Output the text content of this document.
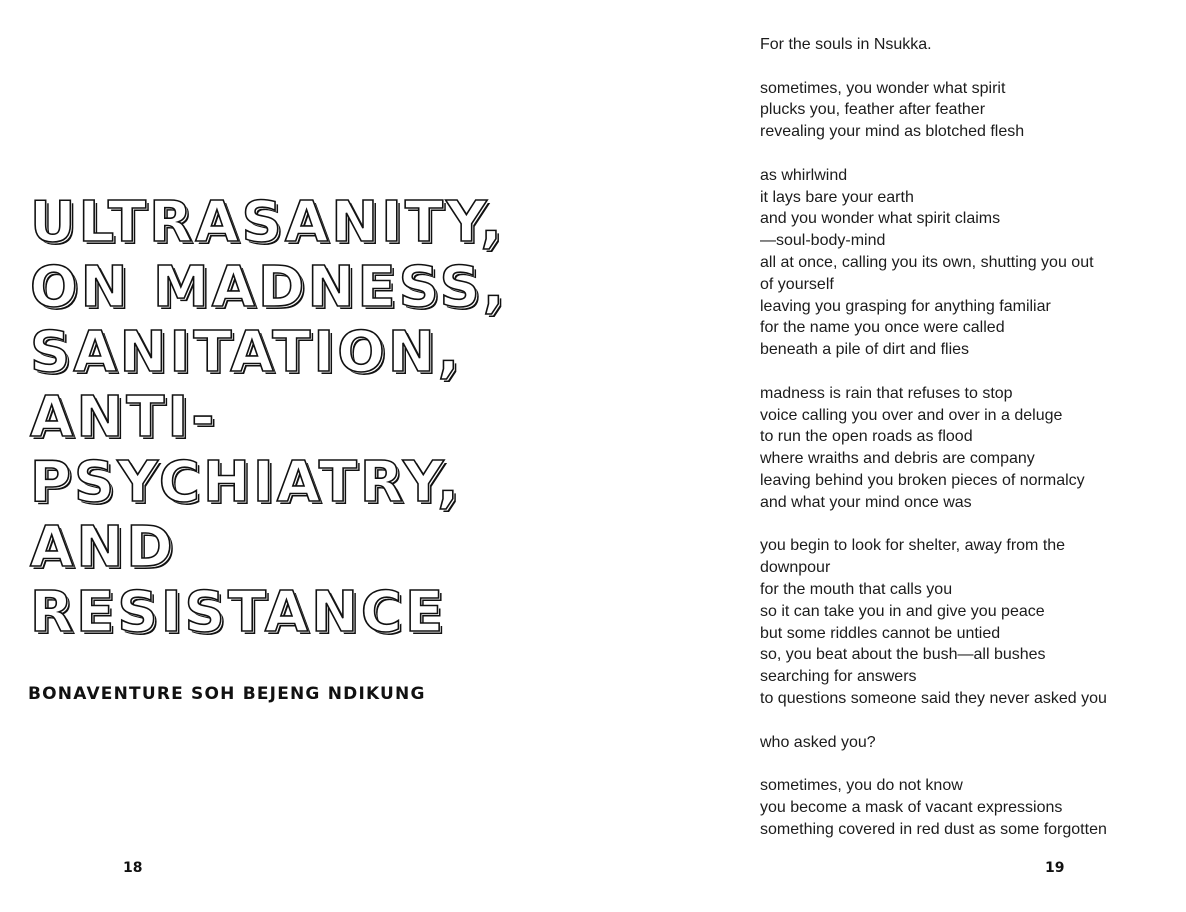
ULTRASANITY,
ON MADNESS,
SANITATION,
ANTI-
PSYCHIATRY,
AND
RESISTANCE

BONAVENTURE SOH BEJENG NDIKUNG

18

For the souls in Nsukka.

sometimes, you wonder what spirit
plucks you, feather after feather
revealing your mind as blotched flesh

as whirlwind
it lays bare your earth
and you wonder what spirit claims
—soul-body-mind
all at once, calling you its own, shutting you out
of yourself
leaving you grasping for anything familiar
for the name you once were called
beneath a pile of dirt and flies

madness is rain that refuses to stop
voice calling you over and over in a deluge
to run the open roads as flood
where wraiths and debris are company
leaving behind you broken pieces of normalcy
and what your mind once was

you begin to look for shelter, away from the
downpour
for the mouth that calls you
so it can take you in and give you peace
but some riddles cannot be untied
so, you beat about the bush—all bushes
searching for answers
to questions someone said they never asked you

who asked you?

sometimes, you do not know
you become a mask of vacant expressions
something covered in red dust as some forgotten

19
